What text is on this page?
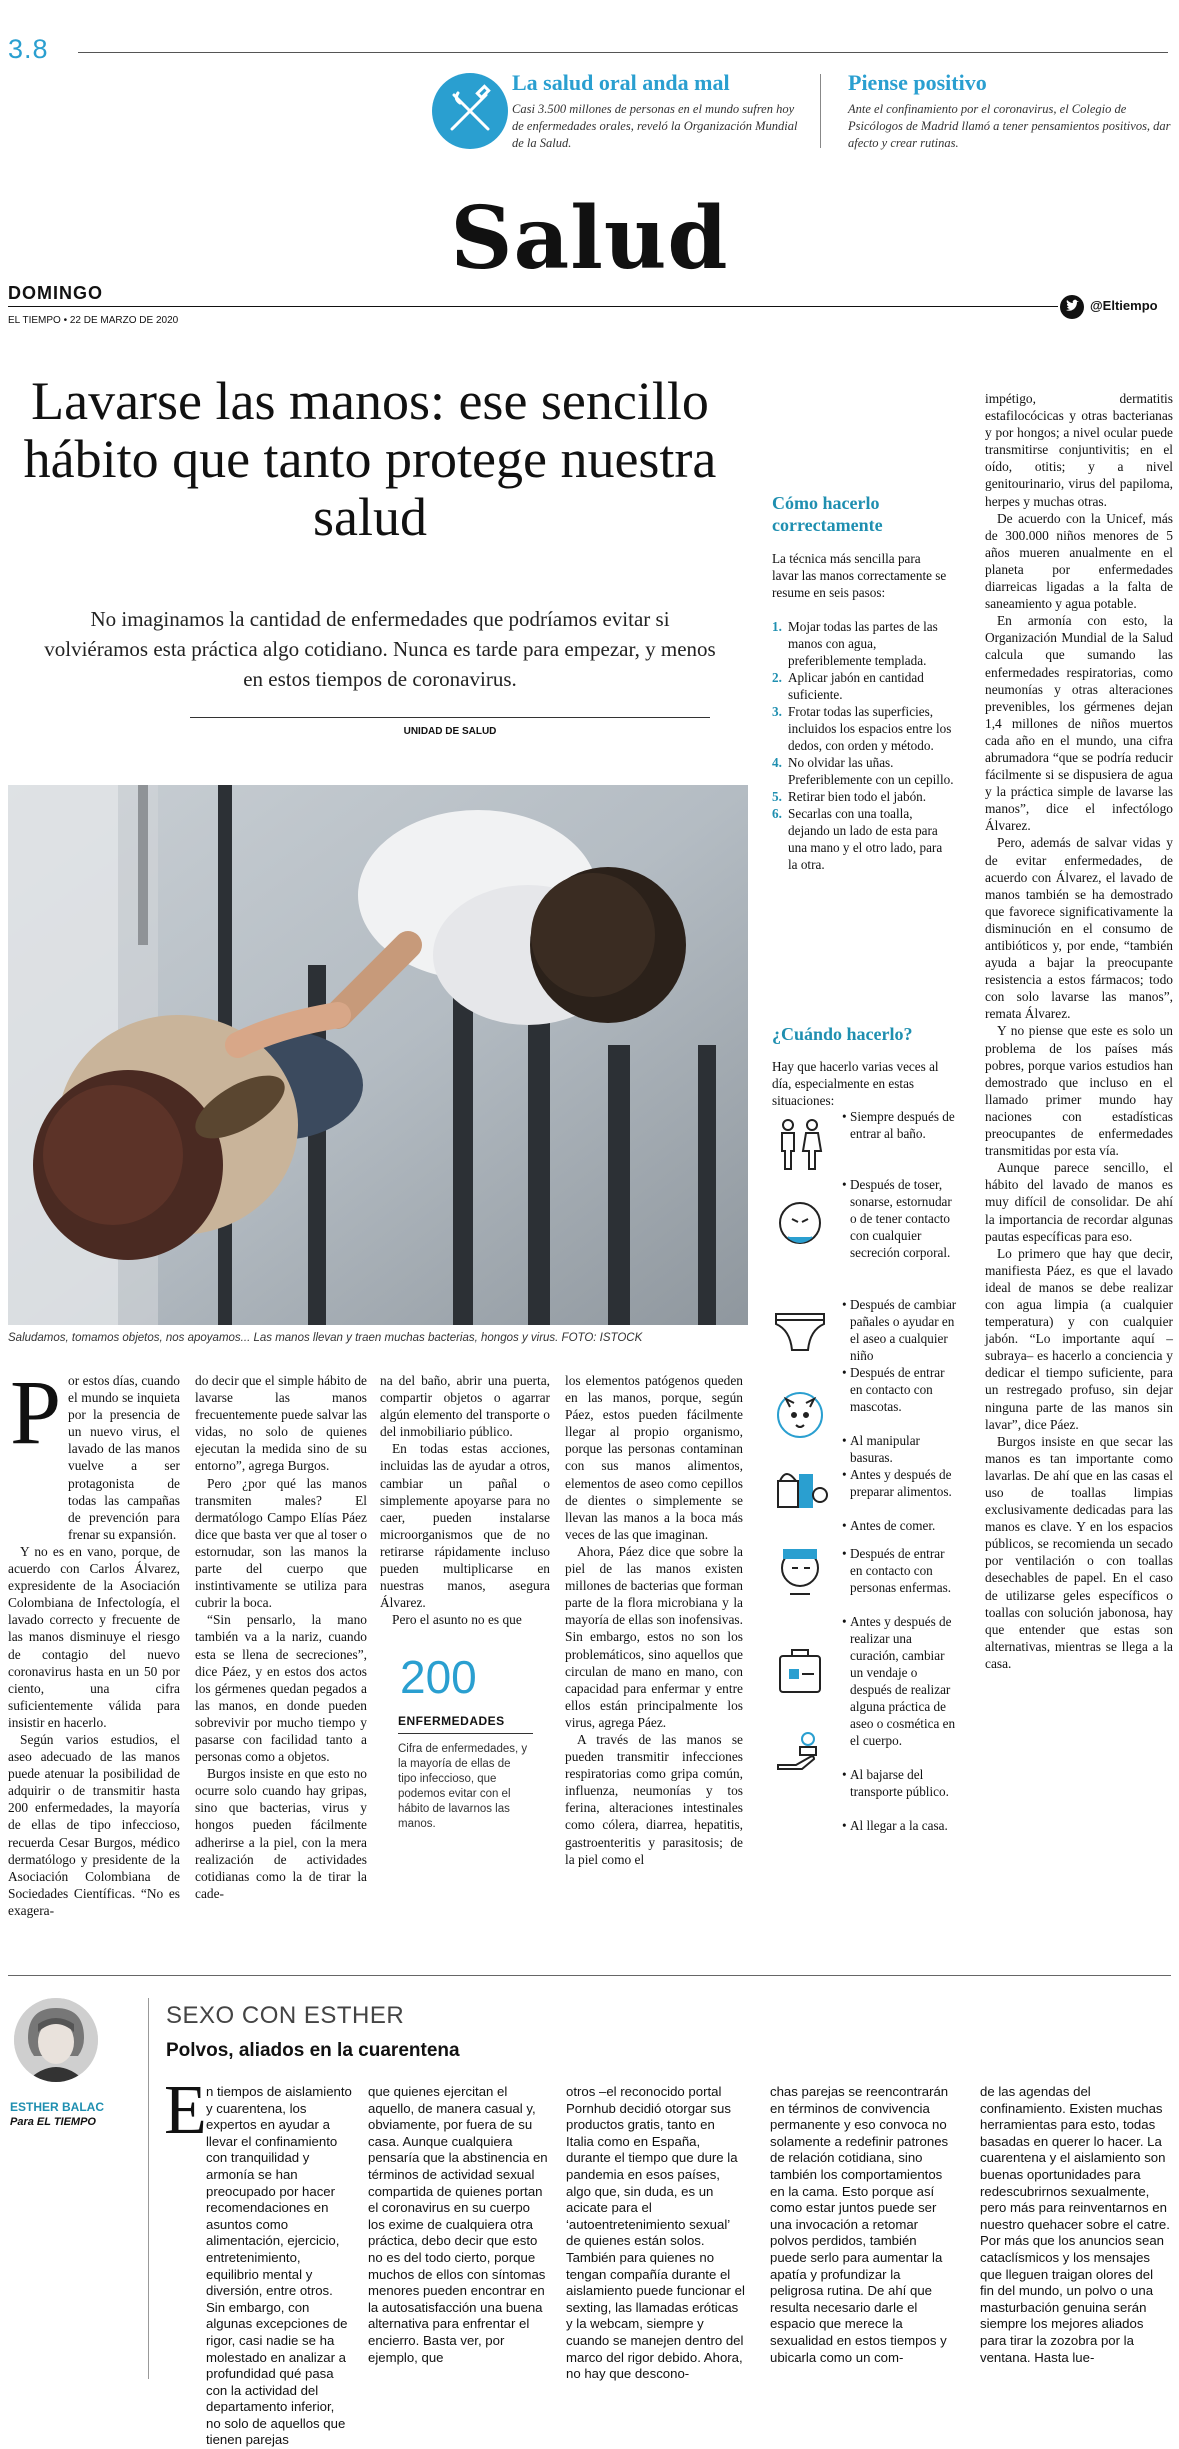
3.8
La salud oral anda mal
Casi 3.500 millones de personas en el mundo sufren hoy de enfermedades orales, reveló la Organización Mundial de la Salud.
Piense positivo
Ante el confinamiento por el coronavirus, el Colegio de Psicólogos de Madrid llamó a tener pensamientos positivos, dar afecto y crear rutinas.
Salud
DOMINGO
EL TIEMPO • 22 DE MARZO DE 2020
@Eltiempo
Lavarse las manos: ese sencillo hábito que tanto protege nuestra salud
No imaginamos la cantidad de enfermedades que podríamos evitar si volviéramos esta práctica algo cotidiano. Nunca es tarde para empezar, y menos en estos tiempos de coronavirus.
UNIDAD DE SALUD
Saludamos, tomamos objetos, nos apoyamos... Las manos llevan y traen muchas bacterias, hongos y virus. FOTO: ISTOCK
P or estos días, cuando el mundo se inquieta por la presencia de un nuevo virus, el lavado de las manos vuelve a ser protagonista de todas las campañas de prevención para frenar su expansión.

Y no es en vano, porque, de acuerdo con Carlos Álvarez, expresidente de la Asociación Colombiana de Infectología, el lavado correcto y frecuente de las manos disminuye el riesgo de contagio del nuevo coronavirus hasta en un 50 por ciento, una cifra suficientemente válida para insistir en hacerlo.

Según varios estudios, el aseo adecuado de las manos puede atenuar la posibilidad de adquirir o de transmitir hasta 200 enfermedades, la mayoría de ellas de tipo infeccioso, recuerda Cesar Burgos, médico dermatólogo y presidente de la Asociación Colombiana de Sociedades Científicas. “No es exagera-

do decir que el simple hábito de lavarse las manos frecuentemente puede salvar las vidas, no solo de quienes ejecutan la medida sino de su entorno”, agrega Burgos.

Pero ¿por qué las manos transmiten males? El dermatólogo Campo Elías Páez dice que basta ver que al toser o estornudar, son las manos la parte del cuerpo que instintivamente se utiliza para cubrir la boca.

“Sin pensarlo, la mano también va a la nariz, cuando esta se llena de secreciones”, dice Páez, y en estos dos actos los gérmenes quedan pegados a las manos, en donde pueden sobrevivir por mucho tiempo y pasarse con facilidad tanto a personas como a objetos.

Burgos insiste en que esto no ocurre solo cuando hay gripas, sino que bacterias, virus y hongos pueden fácilmente adherirse a la piel, con la mera realización de actividades cotidianas como la de tirar la cade-

na del baño, abrir una puerta, compartir objetos o agarrar algún elemento del transporte o del inmobiliario público.

En todas estas acciones, incluidas las de ayudar a otros, cambiar un pañal o simplemente apoyarse para no caer, pueden instalarse microorganismos que de no retirarse rápidamente incluso pueden multiplicarse en nuestras manos, asegura Álvarez.

Pero el asunto no es que

200
ENFERMEDADES
Cifra de enfermedades, y la mayoría de ellas de tipo infeccioso, que podemos evitar con el hábito de lavarnos las manos.

los elementos patógenos queden en las manos, porque, según Páez, estos pueden fácilmente llegar al propio organismo, porque las personas contaminan con sus manos alimentos, elementos de aseo como cepillos de dientes o simplemente se llevan las manos a la boca más veces de las que imaginan.

Ahora, Páez dice que sobre la piel de las manos existen millones de bacterias que forman parte de la flora microbiana y la mayoría de ellas son inofensivas. Sin embargo, estos no son los problemáticos, sino aquellos que circulan de mano en mano, con capacidad para enfermar y entre ellos están principalmente los virus, agrega Páez.

A través de las manos se pueden transmitir infecciones respiratorias como gripa común, influenza, neumonías y tos ferina, alteraciones intestinales como cólera, diarrea, hepatitis, gastroenteritis y parasitosis; de la piel como el

Cómo hacerlo correctamente
La técnica más sencilla para lavar las manos correctamente se resume en seis pasos:
1. Mojar todas las partes de las manos con agua, preferiblemente templada.
2. Aplicar jabón en cantidad suficiente.
3. Frotar todas las superficies, incluidos los espacios entre los dedos, con orden y método.
4. No olvidar las uñas. Preferiblemente con un cepillo.
5. Retirar bien todo el jabón.
6. Secarlas con una toalla, dejando un lado de esta para una mano y el otro lado, para la otra.
¿Cuándo hacerlo?
Hay que hacerlo varias veces al día, especialmente en estas situaciones:
• Siempre después de entrar al baño.
• Después de toser, sonarse, estornudar o de tener contacto con cualquier secreción corporal.
• Después de cambiar pañales o ayudar en el aseo a cualquier niño
• Después de entrar en contacto con mascotas.
• Al manipular basuras.
• Antes y después de preparar alimentos.
• Antes de comer.
• Después de entrar en contacto con personas enfermas.
• Antes y después de realizar una curación, cambiar un vendaje o después de realizar alguna práctica de aseo o cosmética en el cuerpo.
• Al bajarse del transporte público.
• Al llegar a la casa.

impétigo, dermatitis estafilocócicas y otras bacterianas y por hongos; a nivel ocular puede transmitirse conjuntivitis; en el oído, otitis; y a nivel genitourinario, virus del papiloma, herpes y muchas otras.

De acuerdo con la Unicef, más de 300.000 niños menores de 5 años mueren anualmente en el planeta por enfermedades diarreicas ligadas a la falta de saneamiento y agua potable.

En armonía con esto, la Organización Mundial de la Salud calcula que sumando las enfermedades respiratorias, como neumonías y otras alteraciones prevenibles, los gérmenes dejan 1,4 millones de niños muertos cada año en el mundo, una cifra abrumadora “que se podría reducir fácilmente si se dispusiera de agua y la práctica simple de lavarse las manos”, dice el infectólogo Álvarez.

Pero, además de salvar vidas y de evitar enfermedades, de acuerdo con Álvarez, el lavado de manos también se ha demostrado que favorece significativamente la disminución en el consumo de antibióticos y, por ende, “también ayuda a bajar la preocupante resistencia a estos fármacos; todo con solo lavarse las manos”, remata Álvarez.

Y no piense que este es solo un problema de los países más pobres, porque varios estudios han demostrado que incluso en el llamado primer mundo hay naciones con estadísticas preocupantes de enfermedades transmitidas por esta vía.

Aunque parece sencillo, el hábito del lavado de manos es muy difícil de consolidar. De ahí la importancia de recordar algunas pautas específicas para eso.

Lo primero que hay que decir, manifiesta Páez, es que el lavado ideal de manos se debe realizar con agua limpia (a cualquier temperatura) y con cualquier jabón. “Lo importante aquí –subraya– es hacerlo a conciencia y dedicar el tiempo suficiente, para un restregado profuso, sin dejar ninguna parte de las manos sin lavar”, dice Páez.

Burgos insiste en que secar las manos es tan importante como lavarlas. De ahí que en las casas el uso de toallas limpias exclusivamente dedicadas para las manos es clave. Y en los espacios públicos, se recomienda un secado por ventilación o con toallas desechables de papel. En el caso de utilizarse geles específicos o toallas con solución jabonosa, hay que entender que estas son alternativas, mientras se llega a la casa.

ESTHER BALAC
Para EL TIEMPO
SEXO CON ESTHER
Polvos, aliados en la cuarentena
E n tiempos de aislamiento y cuarentena, los expertos en ayudar a llevar el confinamiento con tranquilidad y armonía se han preocupado por hacer recomendaciones en asuntos como alimentación, ejercicio, entretenimiento, equilibrio mental y diversión, entre otros. Sin embargo, con algunas excepciones de rigor, casi nadie se ha molestado en analizar a profundidad qué pasa con la actividad del departamento inferior, no solo de aquellos que tienen parejas

que quienes ejercitan el aquello, de manera casual y, obviamente, por fuera de su casa. Aunque cualquiera pensaría que la abstinencia en términos de actividad sexual compartida de quienes portan el coronavirus en su cuerpo los exime de cualquiera otra práctica, debo decir que esto no es del todo cierto, porque muchos de ellos con síntomas menores pueden encontrar en la autosatisfacción una buena alternativa para enfrentar el encierro. Basta ver, por ejemplo, que

otros –el reconocido portal Pornhub decidió otorgar sus productos gratis, tanto en Italia como en España, durante el tiempo que dure la pandemia en esos países, algo que, sin duda, es un acicate para el ‘autoentretenimiento sexual’ de quienes están solos. También para quienes no tengan compañía durante el aislamiento puede funcionar el sexting, las llamadas eróticas y la webcam, siempre y cuando se manejen dentro del marco del rigor debido. Ahora, no hay que descono-

chas parejas se reencontrarán en términos de convivencia permanente y eso convoca no solamente a redefinir patrones de relación cotidiana, sino también los comportamientos en la cama. Esto porque así como estar juntos puede ser una invocación a retomar polvos perdidos, también puede serlo para aumentar la apatía y profundizar la peligrosa rutina. De ahí que resulta necesario darle el espacio que merece la sexualidad en estos tiempos y ubicarla como un com-

de las agendas del confinamiento. Existen muchas herramientas para esto, todas basadas en querer lo hacer. La cuarentena y el aislamiento son buenas oportunidades para redescubrirnos sexualmente, pero más para reinventarnos en nuestro quehacer sobre el catre. Por más que los anuncios sean cataclísmicos y los mensajes que lleguen traigan olores del fin del mundo, un polvo o una masturbación genuina serán siempre los mejores aliados para tirar la zozobra por la ventana. Hasta lue-
